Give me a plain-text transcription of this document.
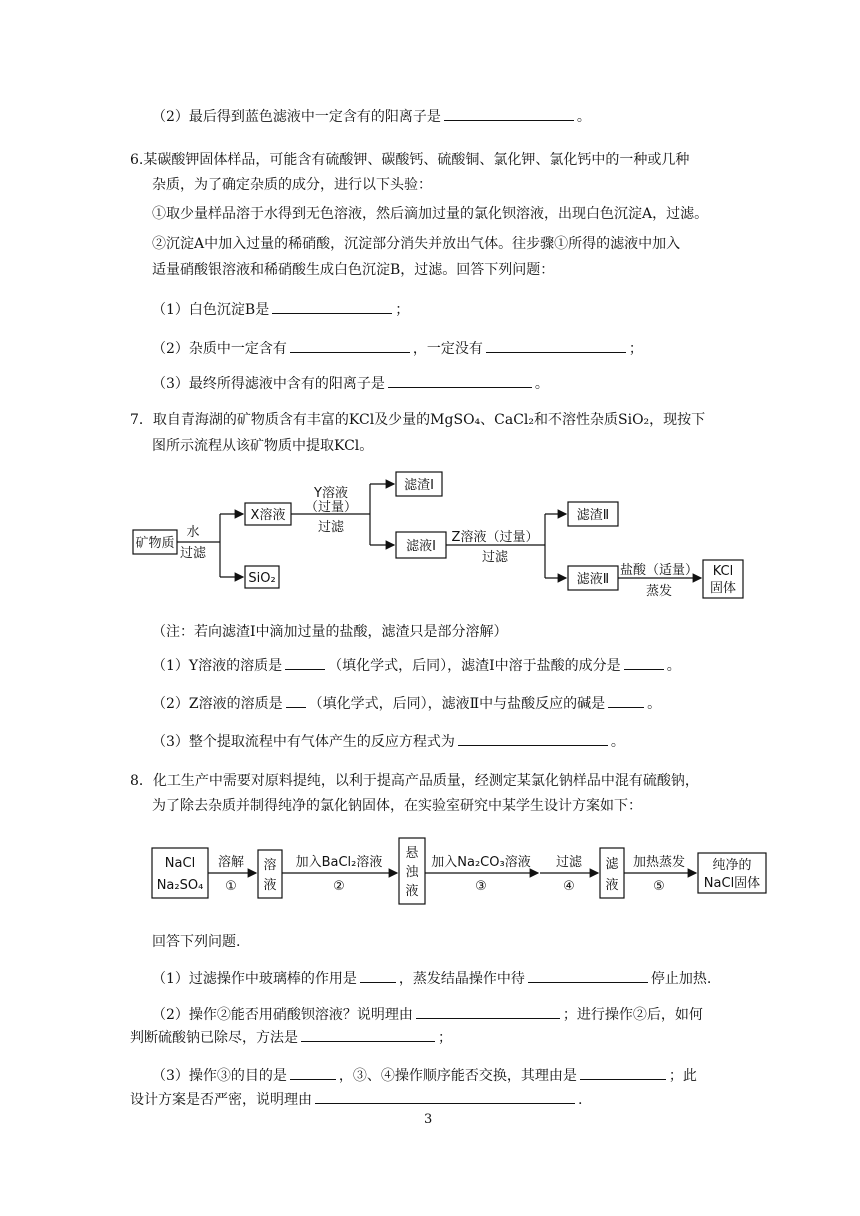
（2）最后得到蓝色滤液中一定含有的阳离子是	。
6.某碳酸钾固体样品，可能含有硫酸钾、碳酸钙、硫酸铜、氯化钾、氯化钙中的一种或几种
杂质，为了确定杂质的成分，进行以下头验：
①取少量样品溶于水得到无色溶液，然后滴加过量的氯化钡溶液，出现白色沉淀A，过滤。
②沉淀A中加入过量的稀硝酸，沉淀部分消失并放出气体。往步骤①所得的滤液中加入
适量硝酸银溶液和稀硝酸生成白色沉淀B，过滤。回答下列问题：
（1）白色沉淀B是	；
（2）杂质中一定含有	，一定没有	；
（3）最终所得滤液中含有的阳离子是	。
7．取自青海湖的矿物质含有丰富的KCl及少量的MgSO₄、CaCl₂和不溶性杂质SiO₂，现按下
图所示流程从该矿物质中提取KCl。
矿物质
X溶液
SiO₂
滤渣Ⅰ
滤液Ⅰ
滤渣Ⅱ
滤液Ⅱ
KCl
固体
水
过滤
Y溶液
（过量）
过滤
Z溶液（过量）
过滤
盐酸（适量）
蒸发
（注：若向滤渣Ⅰ中滴加过量的盐酸，滤渣只是部分溶解）
（1）Y溶液的溶质是	（填化学式，后同），滤渣Ⅰ中溶于盐酸的成分是	。
（2）Z溶液的溶质是 （填化学式，后同），滤液Ⅱ中与盐酸反应的碱是	。
（3）整个提取流程中有气体产生的反应方程式为	。
8．化工生产中需要对原料提纯，以利于提高产品质量，经测定某氯化钠样品中混有硫酸钠，
为了除去杂质并制得纯净的氯化钠固体，在实验室研究中某学生设计方案如下：
NaCl
Na₂SO₄
溶解
①
溶
液
加入BaCl₂溶液
②
悬
浊
液
加入Na₂CO₃溶液
③
过滤
④
滤
液
加热蒸发
⑤
纯净的
NaCl固体
回答下列问题.
（1）过滤操作中玻璃棒的作用是	，蒸发结晶操作中待	停止加热.
（2）操作②能否用硝酸钡溶液？说明理由	；进行操作②后，如何
判断硫酸钠已除尽，方法是	；
（3）操作③的目的是	，③、④操作顺序能否交换，其理由是	；此
设计方案是否严密，说明理由	.
3
